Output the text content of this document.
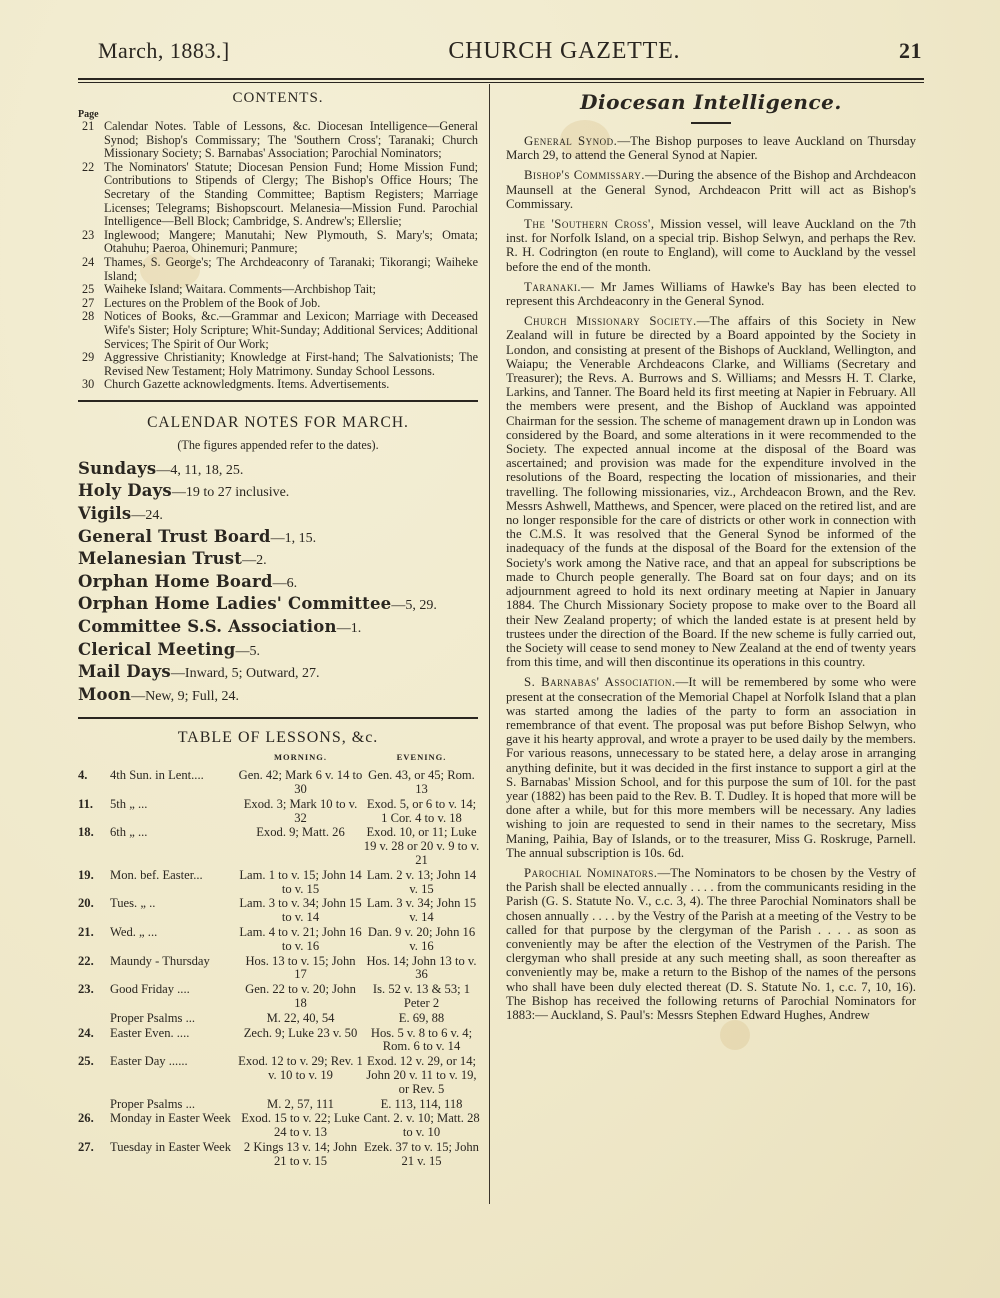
March, 1883.]	CHURCH GAZETTE.	21
CONTENTS.
Page
21 Calendar Notes. Table of Lessons, &c. Diocesan Intelligence—General Synod; Bishop's Commissary; The 'Southern Cross'; Taranaki; Church Missionary Society; S. Barnabas' Association; Parochial Nominators;
22 The Nominators' Statute; Diocesan Pension Fund; Home Mission Fund; Contributions to Stipends of Clergy; The Bishop's Office Hours; The Secretary of the Standing Committee; Baptism Registers; Marriage Licenses; Telegrams; Bishopscourt. Melanesia—Mission Fund. Parochial Intelligence—Bell Block; Cambridge, S. Andrew's; Ellerslie;
23 Inglewood; Mangere; Manutahi; New Plymouth, S. Mary's; Omata; Otahuhu; Paeroa, Ohinemuri; Panmure;
24 Thames, S. George's; The Archdeaconry of Taranaki; Tikorangi; Waiheke Island;
25 Waiheke Island; Waitara. Comments—Archbishop Tait;
27 Lectures on the Problem of the Book of Job.
28 Notices of Books, &c.—Grammar and Lexicon; Marriage with Deceased Wife's Sister; Holy Scripture; Whit-Sunday; Additional Services; Additional Services; The Spirit of Our Work;
29 Aggressive Christianity; Knowledge at First-hand; The Salvationists; The Revised New Testament; Holy Matrimony. Sunday School Lessons.
30 Church Gazette acknowledgments. Items. Advertisements.
CALENDAR NOTES FOR MARCH.
(The figures appended refer to the dates).
Sundays—4, 11, 18, 25.
Holy Days—19 to 27 inclusive.
Vigils—24.
General Trust Board—1, 15.
Melanesian Trust—2.
Orphan Home Board—6.
Orphan Home Ladies' Committee—5, 29.
Committee S.S. Association—1.
Clerical Meeting—5.
Mail Days—Inward, 5; Outward, 27.
Moon—New, 9; Full, 24.
TABLE OF LESSONS, &c.
		MORNING.	EVENING.
4.	4th Sun. in Lent....	Gen. 42; Mark 6 v. 14 to 30	Gen. 43, or 45; Rom. 13
11.	5th „ ...	Exod. 3; Mark 10 to v. 32	Exod. 5, or 6 to v. 14; 1 Cor. 4 to v. 18
18.	6th „ ...	Exod. 9; Matt. 26	Exod. 10, or 11; Luke 19 v. 28 or 20 v. 9 to v. 21
19.	Mon. bef. Easter...	Lam. 1 to v. 15; John 14 to v. 15	Lam. 2 v. 13; John 14 v. 15
20.	Tues. „ ..	Lam. 3 to v. 34; John 15 to v. 14	Lam. 3 v. 34; John 15 v. 14
21.	Wed. „ ...	Lam. 4 to v. 21; John 16 to v. 16	Dan. 9 v. 20; John 16 v. 16
22.	Maundy - Thursday	Hos. 13 to v. 15; John 17	Hos. 14; John 13 to v. 36
23.	Good Friday ....	Gen. 22 to v. 20; John 18	Is. 52 v. 13 & 53; 1 Peter 2
	Proper Psalms ...	M. 22, 40, 54	E. 69, 88
24.	Easter Even. ....	Zech. 9; Luke 23 v. 50	Hos. 5 v. 8 to 6 v. 4; Rom. 6 to v. 14
25.	Easter Day ......	Exod. 12 to v. 29; Rev. 1 v. 10 to v. 19	Exod. 12 v. 29, or 14; John 20 v. 11 to v. 19, or Rev. 5
	Proper Psalms ...	M. 2, 57, 111	E. 113, 114, 118
26.	Monday in Easter Week	Exod. 15 to v. 22; Luke 24 to v. 13	Cant. 2. v. 10; Matt. 28 to v. 10
27.	Tuesday in Easter Week	2 Kings 13 v. 14; John 21 to v. 15	Ezek. 37 to v. 15; John 21 v. 15
Diocesan Intelligence.

General Synod.—The Bishop purposes to leave Auckland on Thursday March 29, to attend the General Synod at Napier.

Bishop's Commissary.—During the absence of the Bishop and Archdeacon Maunsell at the General Synod, Archdeacon Pritt will act as Bishop's Commissary.

The 'Southern Cross', Mission vessel, will leave Auckland on the 7th inst. for Norfolk Island, on a special trip. Bishop Selwyn, and perhaps the Rev. R. H. Codrington (en route to England), will come to Auckland by the vessel before the end of the month.

Taranaki.— Mr James Williams of Hawke's Bay has been elected to represent this Archdeaconry in the General Synod.

Church Missionary Society.—The affairs of this Society in New Zealand will in future be directed by a Board appointed by the Society in London, and consisting at present of the Bishops of Auckland, Wellington, and Waiapu; the Venerable Archdeacons Clarke, and Williams (Secretary and Treasurer); the Revs. A. Burrows and S. Williams; and Messrs H. T. Clarke, Larkins, and Tanner. The Board held its first meeting at Napier in February. All the members were present, and the Bishop of Auckland was appointed Chairman for the session. The scheme of management drawn up in London was considered by the Board, and some alterations in it were recommended to the Society. The expected annual income at the disposal of the Board was ascertained; and provision was made for the expenditure involved in the resolutions of the Board, respecting the location of missionaries, and their travelling. The following missionaries, viz., Archdeacon Brown, and the Rev. Messrs Ashwell, Matthews, and Spencer, were placed on the retired list, and are no longer responsible for the care of districts or other work in connection with the C.M.S. It was resolved that the General Synod be informed of the inadequacy of the funds at the disposal of the Board for the extension of the Society's work among the Native race, and that an appeal for subscriptions be made to Church people generally. The Board sat on four days; and on its adjournment agreed to hold its next ordinary meeting at Napier in January 1884. The Church Missionary Society propose to make over to the Board all their New Zealand property; of which the landed estate is at present held by trustees under the direction of the Board. If the new scheme is fully carried out, the Society will cease to send money to New Zealand at the end of twenty years from this time, and will then discontinue its operations in this country.

S. Barnabas' Association.—It will be remembered by some who were present at the consecration of the Memorial Chapel at Norfolk Island that a plan was started among the ladies of the party to form an association in remembrance of that event. The proposal was put before Bishop Selwyn, who gave it his hearty approval, and wrote a prayer to be used daily by the members. For various reasons, unnecessary to be stated here, a delay arose in arranging anything definite, but it was decided in the first instance to support a girl at the S. Barnabas' Mission School, and for this purpose the sum of 10l. for the past year (1882) has been paid to the Rev. B. T. Dudley. It is hoped that more will be done after a while, but for this more members will be necessary. Any ladies wishing to join are requested to send in their names to the secretary, Miss Maning, Paihia, Bay of Islands, or to the treasurer, Miss G. Roskruge, Parnell. The annual subscription is 10s. 6d.

Parochial Nominators.—The Nominators to be chosen by the Vestry of the Parish shall be elected annually . . . . from the communicants residing in the Parish (G. S. Statute No. V., c.c. 3, 4). The three Parochial Nominators shall be chosen annually . . . . by the Vestry of the Parish at a meeting of the Vestry to be called for that purpose by the clergyman of the Parish . . . . as soon as conveniently may be after the election of the Vestrymen of the Parish. The clergyman who shall preside at any such meeting shall, as soon thereafter as conveniently may be, make a return to the Bishop of the names of the persons who shall have been duly elected thereat (D. S. Statute No. 1, c.c. 7, 10, 16). The Bishop has received the following returns of Parochial Nominators for 1883:— Auckland, S. Paul's: Messrs Stephen Edward Hughes, Andrew
